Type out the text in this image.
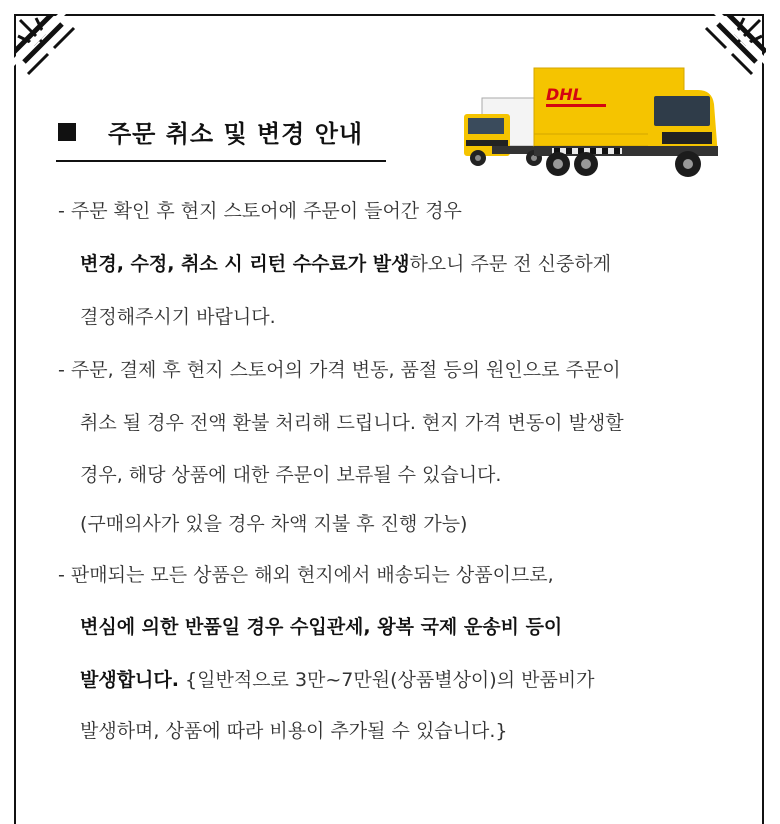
주문 취소 및 변경 안내
DHL
- 주문 확인 후 현지 스토어에 주문이 들어간 경우
변경, 수정, 취소 시 리턴 수수료가 발생하오니 주문 전 신중하게
결정해주시기 바랍니다.
- 주문, 결제 후 현지 스토어의 가격 변동, 품절 등의 원인으로 주문이
취소 될 경우 전액 환불 처리해 드립니다. 현지 가격 변동이 발생할
경우, 해당 상품에 대한 주문이 보류될 수 있습니다.
(구매의사가 있을 경우 차액 지불 후 진행 가능)
- 판매되는 모든 상품은 해외 현지에서 배송되는 상품이므로,
변심에 의한 반품일 경우 수입관세, 왕복 국제 운송비 등이
발생합니다. {일반적으로 3만~7만원(상품별상이)의 반품비가
발생하며, 상품에 따라 비용이 추가될 수 있습니다.}
